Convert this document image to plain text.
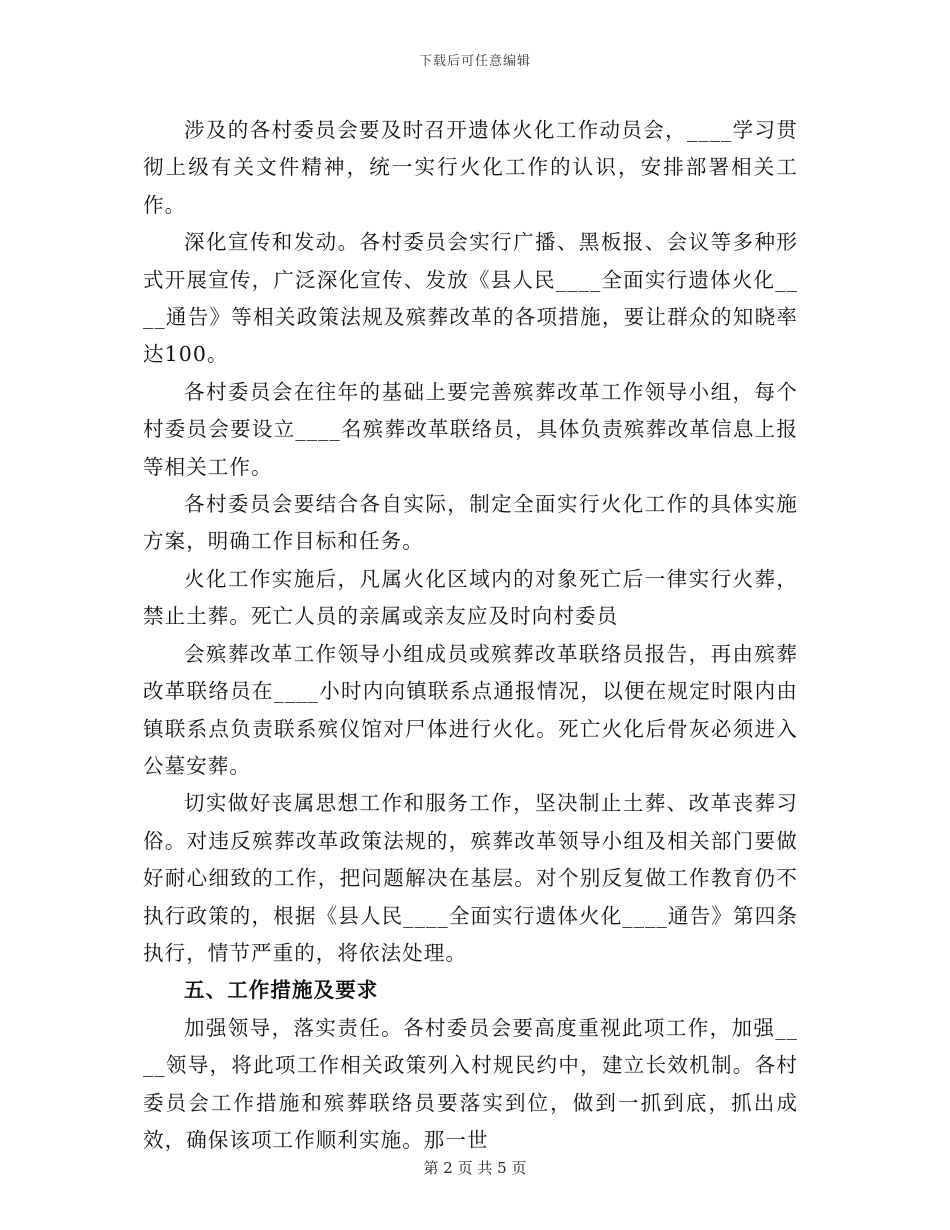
下载后可任意编辑

涉及的各村委员会要及时召开遗体火化工作动员会，____学习贯彻上级有关文件精神，统一实行火化工作的认识，安排部署相关工作。

深化宣传和发动。各村委员会实行广播、黑板报、会议等多种形式开展宣传，广泛深化宣传、发放《县人民____全面实行遗体火化____通告》等相关政策法规及殡葬改革的各项措施，要让群众的知晓率达100。

各村委员会在往年的基础上要完善殡葬改革工作领导小组，每个村委员会要设立____名殡葬改革联络员，具体负责殡葬改革信息上报等相关工作。

各村委员会要结合各自实际，制定全面实行火化工作的具体实施方案，明确工作目标和任务。

火化工作实施后，凡属火化区域内的对象死亡后一律实行火葬，禁止土葬。死亡人员的亲属或亲友应及时向村委员

会殡葬改革工作领导小组成员或殡葬改革联络员报告，再由殡葬改革联络员在____小时内向镇联系点通报情况，以便在规定时限内由镇联系点负责联系殡仪馆对尸体进行火化。死亡火化后骨灰必须进入公墓安葬。

切实做好丧属思想工作和服务工作，坚决制止土葬、改革丧葬习俗。对违反殡葬改革政策法规的，殡葬改革领导小组及相关部门要做好耐心细致的工作，把问题解决在基层。对个别反复做工作教育仍不执行政策的，根据《县人民____全面实行遗体火化____通告》第四条执行，情节严重的，将依法处理。

五、工作措施及要求

加强领导，落实责任。各村委员会要高度重视此项工作，加强____领导，将此项工作相关政策列入村规民约中，建立长效机制。各村委员会工作措施和殡葬联络员要落实到位，做到一抓到底，抓出成效，确保该项工作顺利实施。那一世

第 2 页 共 5 页
